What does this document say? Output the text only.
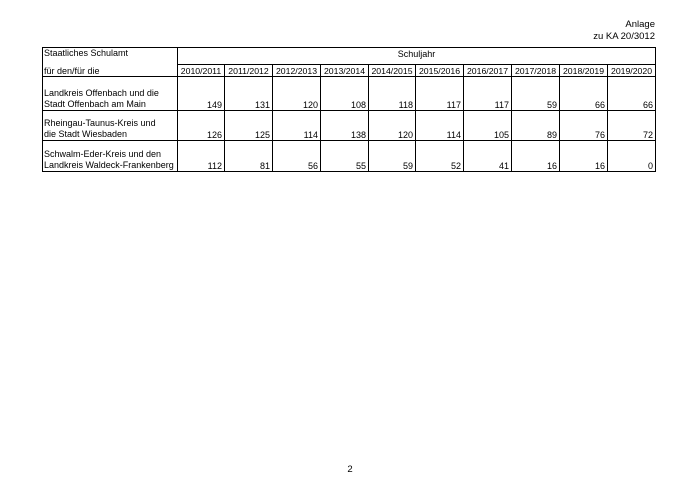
Anlage
zu KA 20/3012
Staatliches Schulamt	Schuljahr									
für den/für die	2010/2011	2011/2012	2012/2013	2013/2014	2014/2015	2015/2016	2016/2017	2017/2018	2018/2019	2019/2020
Landkreis Offenbach und die
Stadt Offenbach am Main	149	131	120	108	118	117	117	59	66	66
Rheingau-Taunus-Kreis und
die Stadt Wiesbaden	126	125	114	138	120	114	105	89	76	72
Schwalm-Eder-Kreis und den
Landkreis Waldeck-Frankenberg	112	81	56	55	59	52	41	16	16	0
2
